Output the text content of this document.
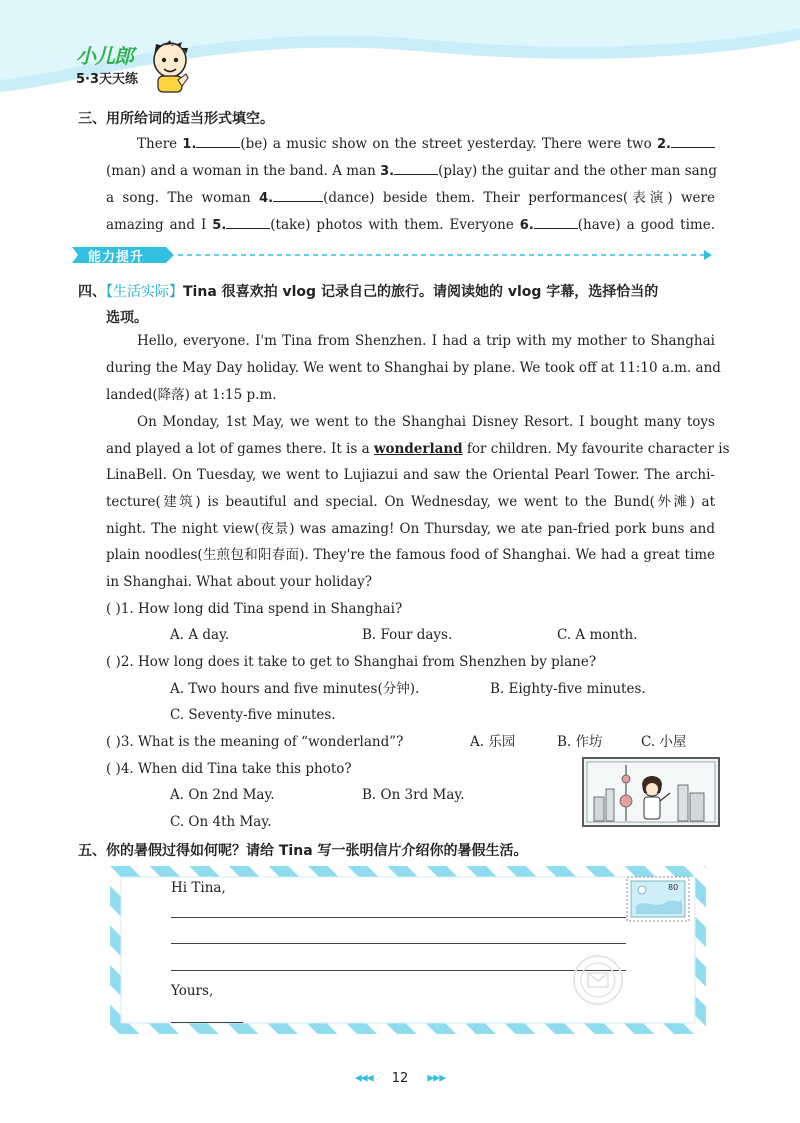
小儿郎
5·3天天练
三、用所给词的适当形式填空。
There 1.	(be) a music show on the street yesterday. There were two 2.
(man) and a woman in the band. A man 3.	(play) the guitar and the other man sang
a song. The woman 4.	(dance) beside them. Their performances(表演) were
amazing and I 5.	(take) photos with them. Everyone 6.	(have) a good time.
能力提升
四、【生活实际】Tina 很喜欢拍 vlog 记录自己的旅行。请阅读她的 vlog 字幕，选择恰当的
选项。
Hello, everyone. I'm Tina from Shenzhen. I had a trip with my mother to Shanghai
during the May Day holiday. We went to Shanghai by plane. We took off at 11:10 a.m. and
landed(降落) at 1:15 p.m.
On Monday, 1st May, we went to the Shanghai Disney Resort. I bought many toys
and played a lot of games there. It is a wonderland for children. My favourite character is
LinaBell. On Tuesday, we went to Lujiazui and saw the Oriental Pearl Tower. The archi-
tecture(建筑) is beautiful and special. On Wednesday, we went to the Bund(外滩) at
night. The night view(夜景) was amazing! On Thursday, we ate pan-fried pork buns and
plain noodles(生煎包和阳春面). They're the famous food of Shanghai. We had a great time
in Shanghai. What about your holiday?
( )1. How long did Tina spend in Shanghai?
A. A day.	B. Four days.	C. A month.
( )2. How long does it take to get to Shanghai from Shenzhen by plane?
A. Two hours and five minutes(分钟).	B. Eighty-five minutes.
C. Seventy-five minutes.
( )3. What is the meaning of “wonderland”?	A. 乐园	B. 作坊	C. 小屋
( )4. When did Tina take this photo?
A. On 2nd May.	B. On 3rd May.
C. On 4th May.
五、你的暑假过得如何呢？请给 Tina 写一张明信片介绍你的暑假生活。
Hi Tina,
Yours,
80
◀◀◀ 12 ▶▶▶
